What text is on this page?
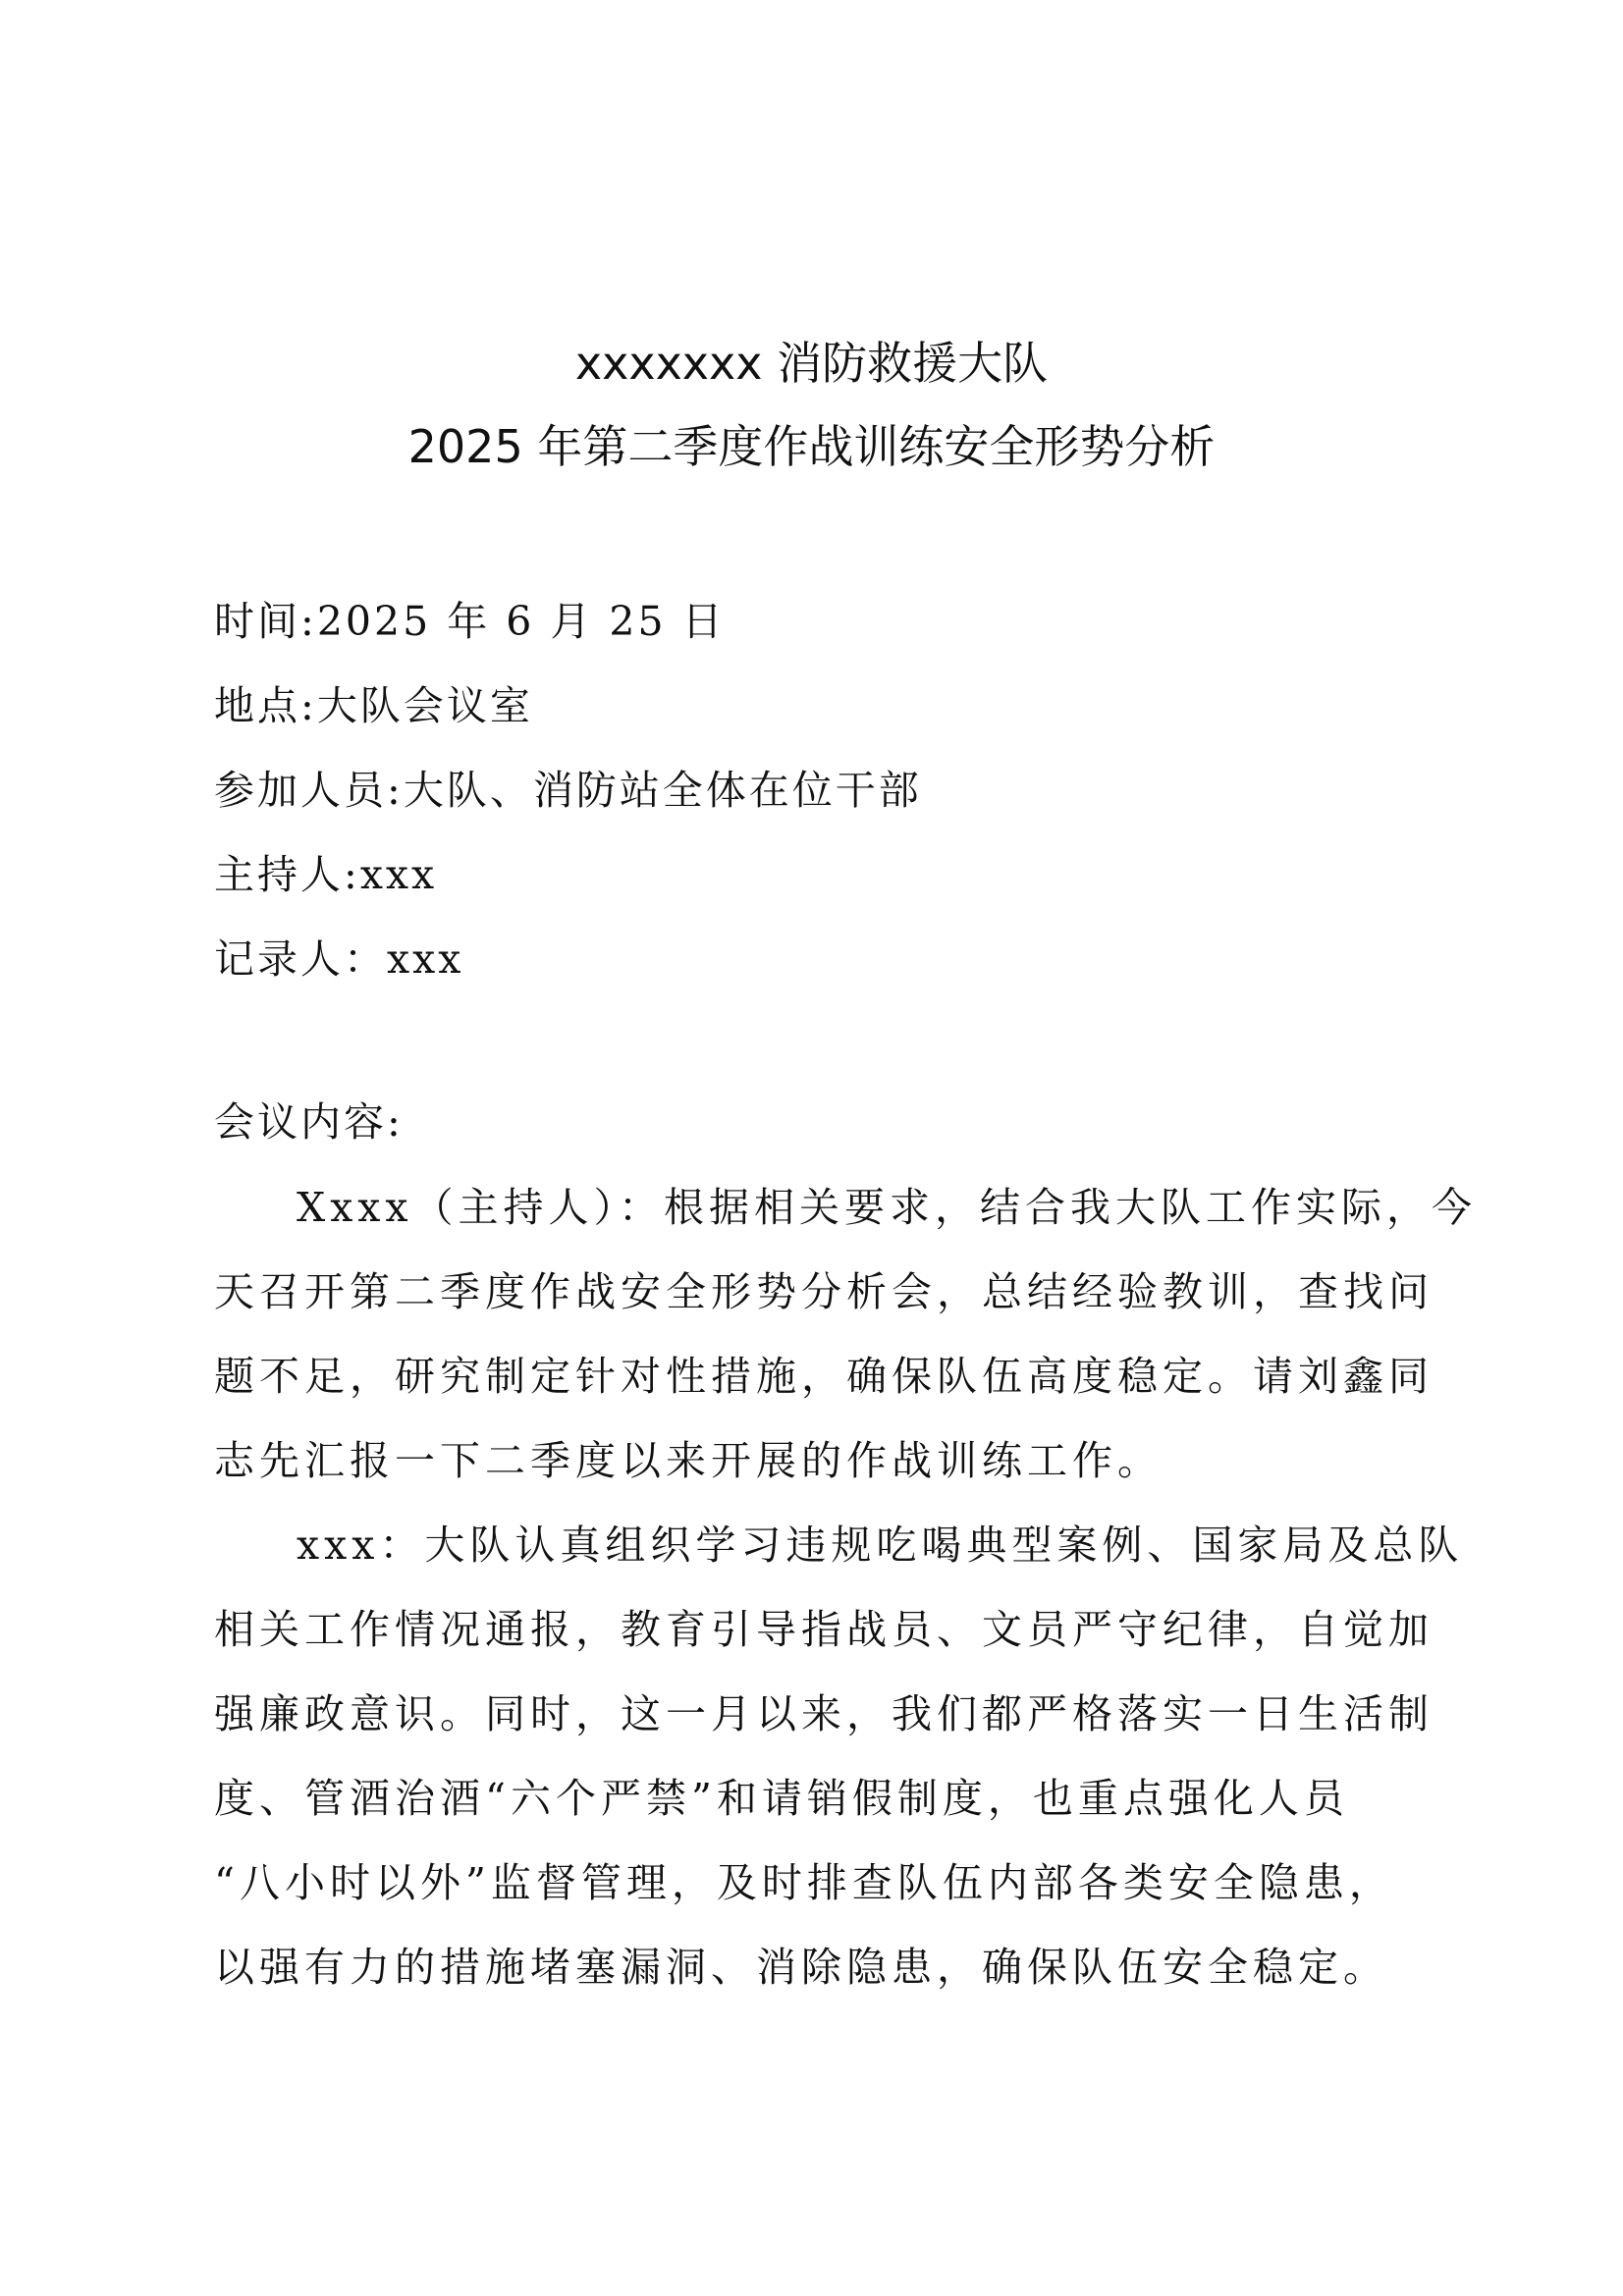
xxxxxxx 消防救援大队
2025 年第二季度作战训练安全形势分析
时间:2025 年 6 月 25 日
地点:大队会议室
参加人员:大队、消防站全体在位干部
主持人:xxx
记录人：xxx
会议内容:
Xxxx（主持人）：根据相关要求，结合我大队工作实际，今
天召开第二季度作战安全形势分析会，总结经验教训，查找问
题不足，研究制定针对性措施，确保队伍高度稳定。请刘鑫同
志先汇报一下二季度以来开展的作战训练工作。
xxx：大队认真组织学习违规吃喝典型案例、国家局及总队
相关工作情况通报，教育引导指战员、文员严守纪律，自觉加
强廉政意识。同时，这一月以来，我们都严格落实一日生活制
度、管酒治酒“六个严禁”和请销假制度，也重点强化人员
“八小时以外”监督管理，及时排查队伍内部各类安全隐患，
以强有力的措施堵塞漏洞、消除隐患，确保队伍安全稳定。
